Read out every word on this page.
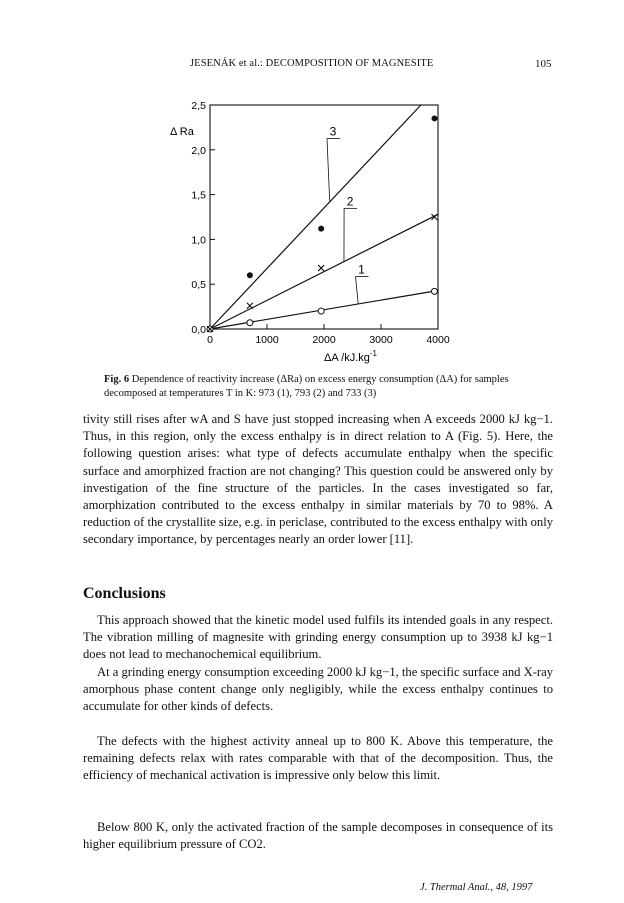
JESENÁK et al.: DECOMPOSITION OF MAGNESITE	105
0	1000	2000	3000	4000
0,0
0,5
1,0
1,5
2,0
2,5
1
2
3
Δ Ra
ΔA $/kJ.kg^{-1}$
Fig. 6 Dependence of reactivity increase (ΔRa) on excess energy consumption (ΔA) for samples decomposed at temperatures T in K: 973 (1), 793 (2) and 733 (3)

tivity still rises after wA and S have just stopped increasing when A exceeds 2000 kJ kg−1. Thus, in this region, only the excess enthalpy is in direct relation to A (Fig. 5). Here, the following question arises: what type of defects accumulate enthalpy when the specific surface and amorphized fraction are not changing? This question could be answered only by investigation of the fine structure of the particles. In the cases investigated so far, amorphization contributed to the excess enthalpy in similar materials by 70 to 98%. A reduction of the crystallite size, e.g. in periclase, contributed to the excess enthalpy with only secondary importance, by percentages nearly an order lower [11].

Conclusions

This approach showed that the kinetic model used fulfils its intended goals in any respect. The vibration milling of magnesite with grinding energy consumption up to 3938 kJ kg−1 does not lead to mechanochemical equilibrium.

At a grinding energy consumption exceeding 2000 kJ kg−1, the specific surface and X-ray amorphous phase content change only negligibly, while the excess enthalpy continues to accumulate for other kinds of defects.

The defects with the highest activity anneal up to 800 K. Above this temperature, the remaining defects relax with rates comparable with that of the decomposition. Thus, the efficiency of mechanical activation is impressive only below this limit.

Below 800 K, only the activated fraction of the sample decomposes in consequence of its higher equilibrium pressure of CO2.

J. Thermal Anal., 48, 1997
